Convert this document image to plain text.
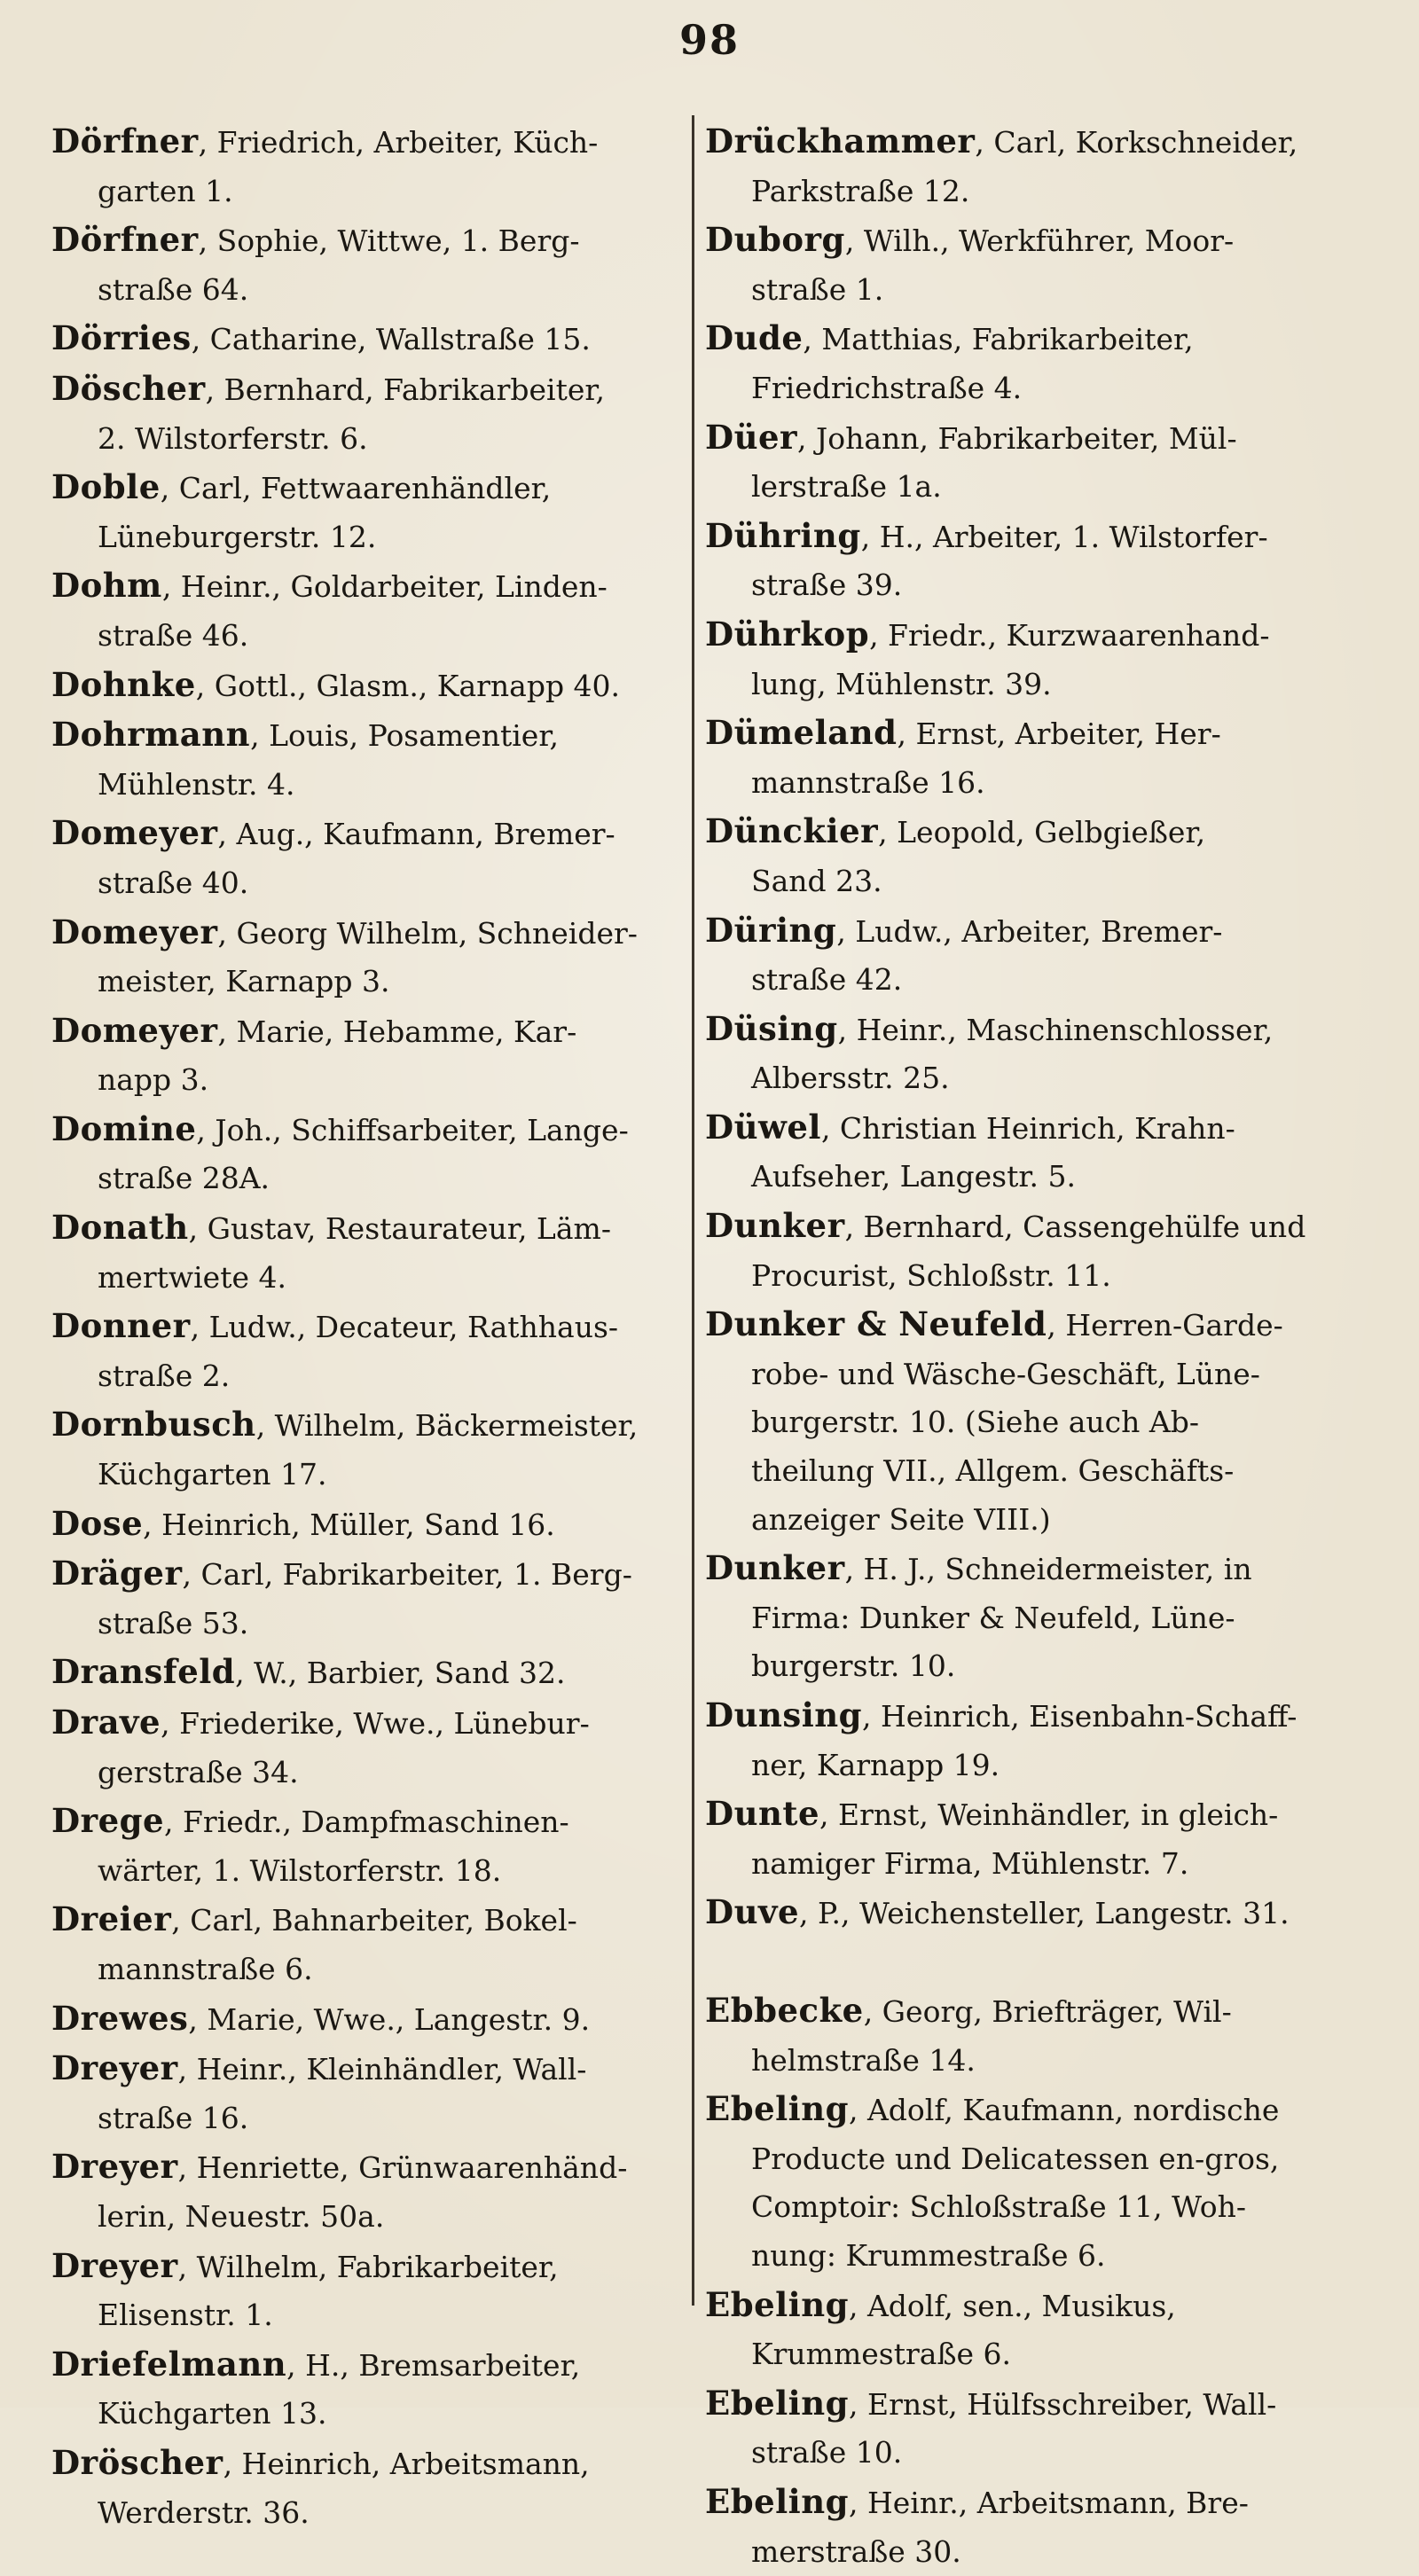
98
Dörfner, Friedrich, Arbeiter, Küch-
garten 1.
Dörfner, Sophie, Wittwe, 1. Berg-
straße 64.
Dörries, Catharine, Wallstraße 15.
Döscher, Bernhard, Fabrikarbeiter,
2. Wilstorferstr. 6.
Doble, Carl, Fettwaarenhändler,
Lüneburgerstr. 12.
Dohm, Heinr., Goldarbeiter, Linden-
straße 46.
Dohnke, Gottl., Glasm., Karnapp 40.
Dohrmann, Louis, Posamentier,
Mühlenstr. 4.
Domeyer, Aug., Kaufmann, Bremer-
straße 40.
Domeyer, Georg Wilhelm, Schneider-
meister, Karnapp 3.
Domeyer, Marie, Hebamme, Kar-
napp 3.
Domine, Joh., Schiffsarbeiter, Lange-
straße 28A.
Donath, Gustav, Restaurateur, Läm-
mertwiete 4.
Donner, Ludw., Decateur, Rathhaus-
straße 2.
Dornbusch, Wilhelm, Bäckermeister,
Küchgarten 17.
Dose, Heinrich, Müller, Sand 16.
Dräger, Carl, Fabrikarbeiter, 1. Berg-
straße 53.
Dransfeld, W., Barbier, Sand 32.
Drave, Friederike, Wwe., Lünebur-
gerstraße 34.
Drege, Friedr., Dampfmaschinen-
wärter, 1. Wilstorferstr. 18.
Dreier, Carl, Bahnarbeiter, Bokel-
mannstraße 6.
Drewes, Marie, Wwe., Langestr. 9.
Dreyer, Heinr., Kleinhändler, Wall-
straße 16.
Dreyer, Henriette, Grünwaarenhänd-
lerin, Neuestr. 50a.
Dreyer, Wilhelm, Fabrikarbeiter,
Elisenstr. 1.
Driefelmann, H., Bremsarbeiter,
Küchgarten 13.
Dröscher, Heinrich, Arbeitsmann,
Werderstr. 36.
Drückhammer, Carl, Korkschneider,
Parkstraße 12.
Duborg, Wilh., Werkführer, Moor-
straße 1.
Dude, Matthias, Fabrikarbeiter,
Friedrichstraße 4.
Düer, Johann, Fabrikarbeiter, Mül-
lerstraße 1a.
Dühring, H., Arbeiter, 1. Wilstorfer-
straße 39.
Dührkop, Friedr., Kurzwaarenhand-
lung, Mühlenstr. 39.
Dümeland, Ernst, Arbeiter, Her-
mannstraße 16.
Dünckier, Leopold, Gelbgießer,
Sand 23.
Düring, Ludw., Arbeiter, Bremer-
straße 42.
Düsing, Heinr., Maschinenschlosser,
Albersstr. 25.
Düwel, Christian Heinrich, Krahn-
Aufseher, Langestr. 5.
Dunker, Bernhard, Cassengehülfe und
Procurist, Schloßstr. 11.
Dunker & Neufeld, Herren-Garde-
robe- und Wäsche-Geschäft, Lüne-
burgerstr. 10. (Siehe auch Ab-
theilung VII., Allgem. Geschäfts-
anzeiger Seite VIII.)
Dunker, H. J., Schneidermeister, in
Firma: Dunker & Neufeld, Lüne-
burgerstr. 10.
Dunsing, Heinrich, Eisenbahn-Schaff-
ner, Karnapp 19.
Dunte, Ernst, Weinhändler, in gleich-
namiger Firma, Mühlenstr. 7.
Duve, P., Weichensteller, Langestr. 31.
Ebbecke, Georg, Briefträger, Wil-
helmstraße 14.
Ebeling, Adolf, Kaufmann, nordische
Producte und Delicatessen en-gros,
Comptoir: Schloßstraße 11, Woh-
nung: Krummestraße 6.
Ebeling, Adolf, sen., Musikus,
Krummestraße 6.
Ebeling, Ernst, Hülfsschreiber, Wall-
straße 10.
Ebeling, Heinr., Arbeitsmann, Bre-
merstraße 30.
